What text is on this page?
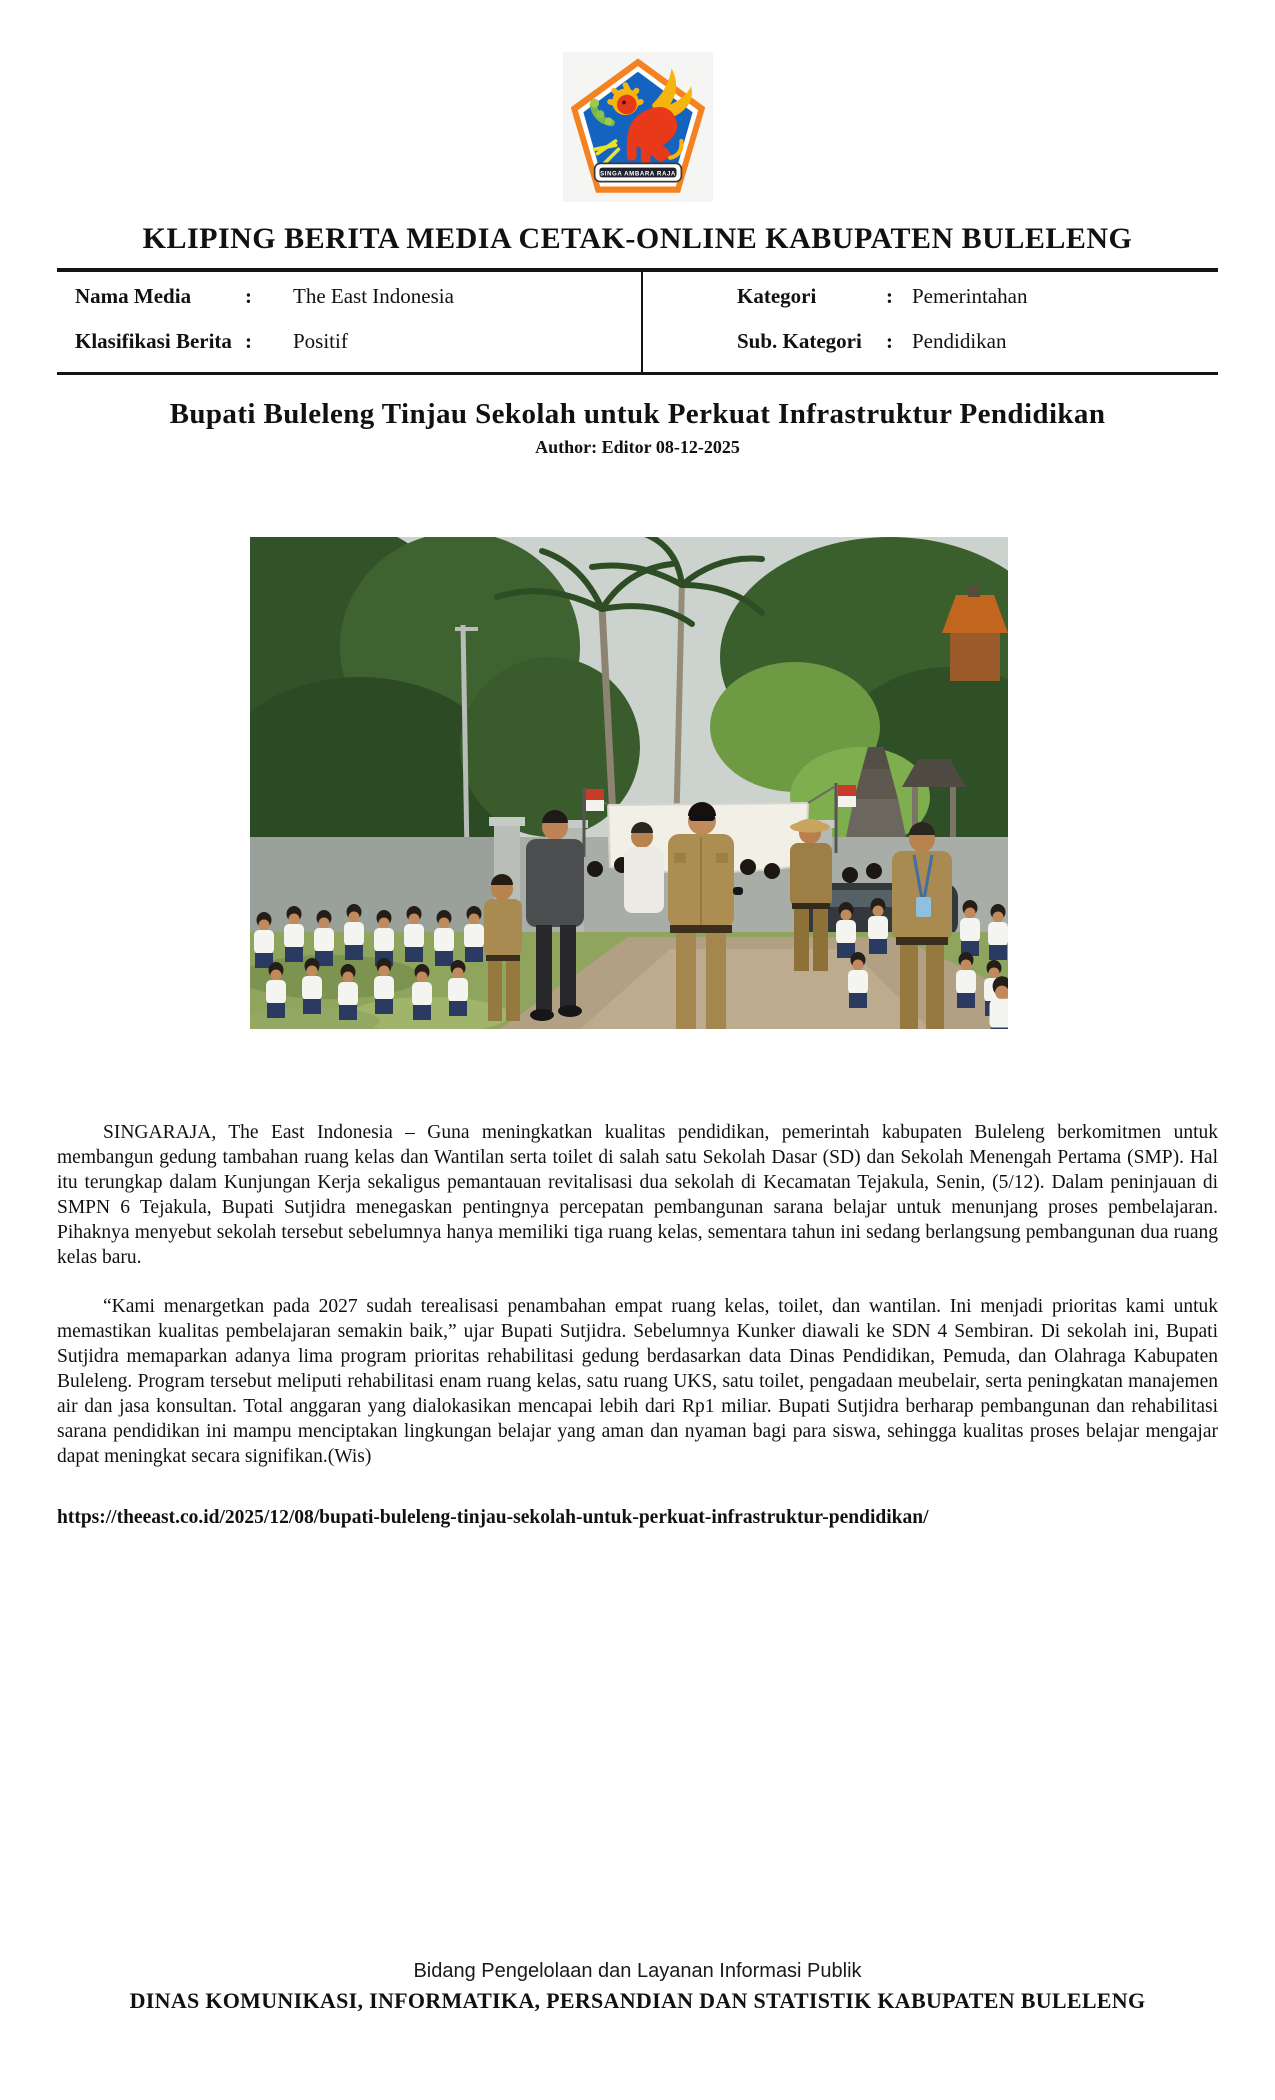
SINGA AMBARA RAJA
KLIPING BERITA MEDIA CETAK-ONLINE KABUPATEN BULELENG
Nama Media	: The East Indonesia	Kategori	: Pemerintahan
Klasifikasi Berita : Positif	Sub. Kategori : Pendidikan
Bupati Buleleng Tinjau Sekolah untuk Perkuat Infrastruktur Pendidikan
Author: Editor 08-12-2025

SINGARAJA, The East Indonesia – Guna meningkatkan kualitas pendidikan, pemerintah kabupaten Buleleng berkomitmen untuk membangun gedung tambahan ruang kelas dan Wantilan serta toilet di salah satu Sekolah Dasar (SD) dan Sekolah Menengah Pertama (SMP). Hal itu terungkap dalam Kunjungan Kerja sekaligus pemantauan revitalisasi dua sekolah di Kecamatan Tejakula, Senin, (5/12). Dalam peninjauan di SMPN 6 Tejakula, Bupati Sutjidra menegaskan pentingnya percepatan pembangunan sarana belajar untuk menunjang proses pembelajaran. Pihaknya menyebut sekolah tersebut sebelumnya hanya memiliki tiga ruang kelas, sementara tahun ini sedang berlangsung pembangunan dua ruang kelas baru.

“Kami menargetkan pada 2027 sudah terealisasi penambahan empat ruang kelas, toilet, dan wantilan. Ini menjadi prioritas kami untuk memastikan kualitas pembelajaran semakin baik,” ujar Bupati Sutjidra. Sebelumnya Kunker diawali ke SDN 4 Sembiran. Di sekolah ini, Bupati Sutjidra memaparkan adanya lima program prioritas rehabilitasi gedung berdasarkan data Dinas Pendidikan, Pemuda, dan Olahraga Kabupaten Buleleng. Program tersebut meliputi rehabilitasi enam ruang kelas, satu ruang UKS, satu toilet, pengadaan meubelair, serta peningkatan manajemen air dan jasa konsultan. Total anggaran yang dialokasikan mencapai lebih dari Rp1 miliar. Bupati Sutjidra berharap pembangunan dan rehabilitasi sarana pendidikan ini mampu menciptakan lingkungan belajar yang aman dan nyaman bagi para siswa, sehingga kualitas proses belajar mengajar dapat meningkat secara signifikan.(Wis)

https://theeast.co.id/2025/12/08/bupati-buleleng-tinjau-sekolah-untuk-perkuat-infrastruktur-pendidikan/

Bidang Pengelolaan dan Layanan Informasi Publik
DINAS KOMUNIKASI, INFORMATIKA, PERSANDIAN DAN STATISTIK KABUPATEN BULELENG
